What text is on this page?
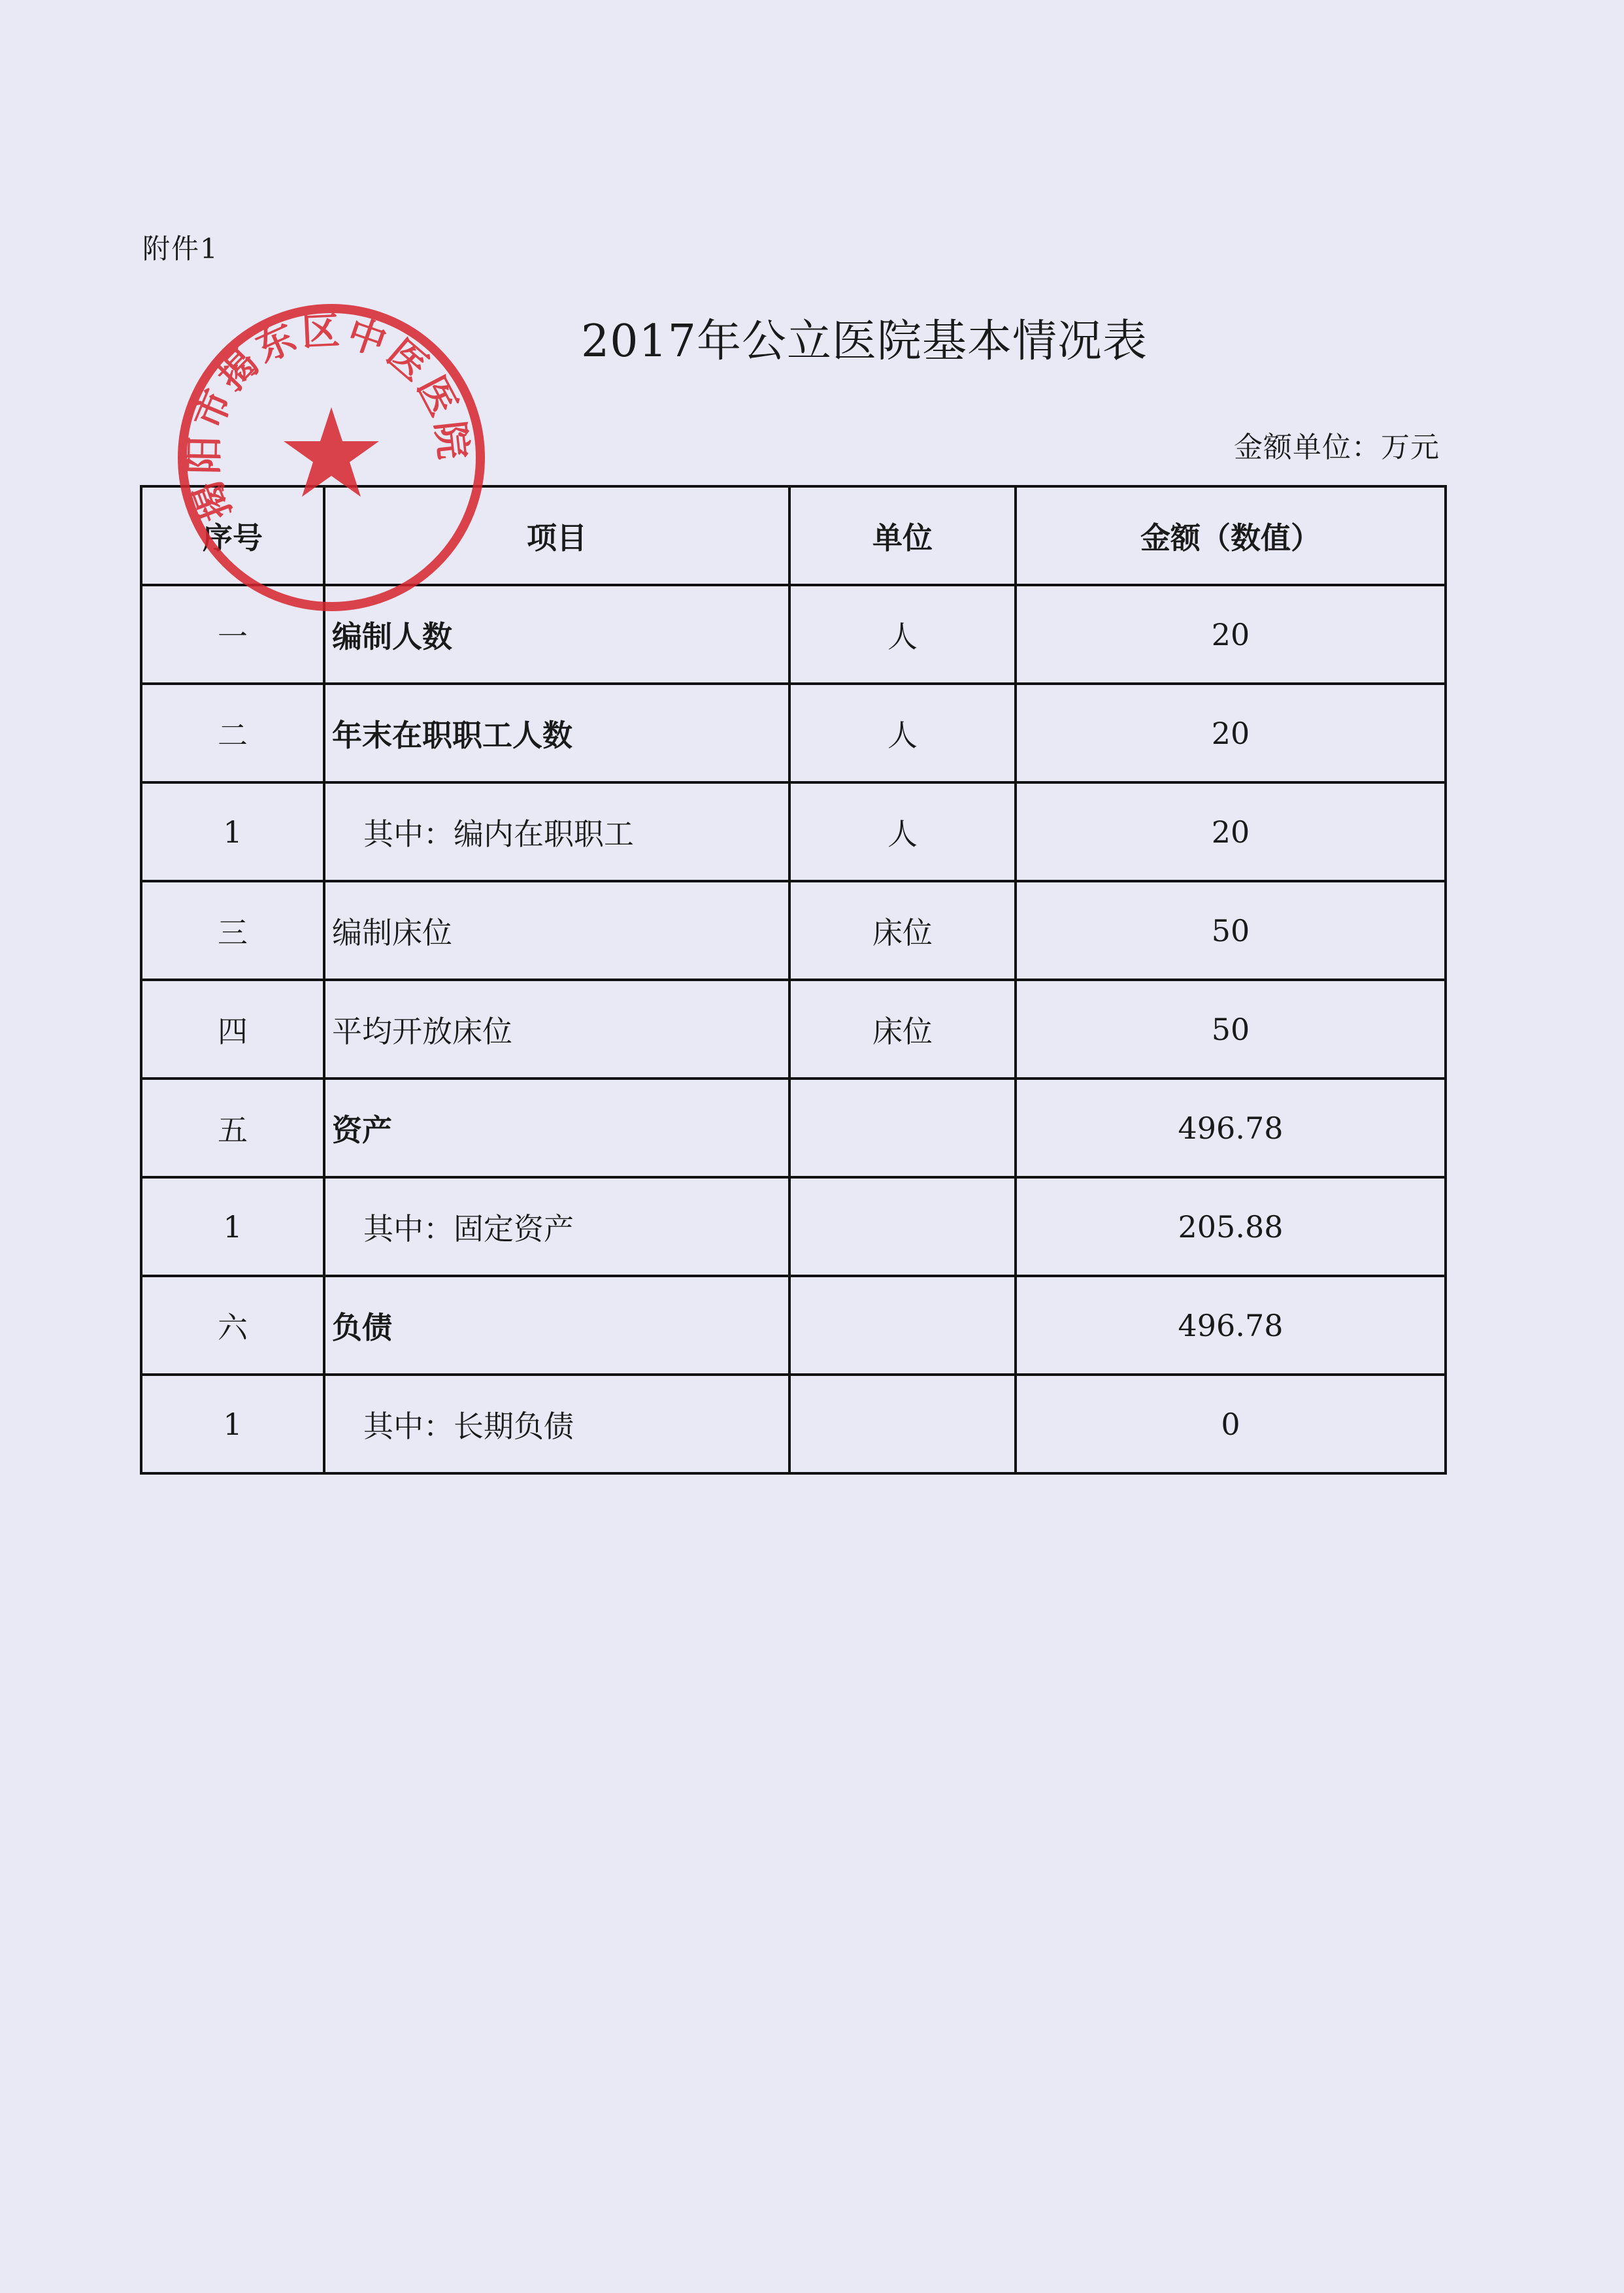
附件1
2017年公立医院基本情况表
金额单位：万元
序号	项目	单位	金额（数值）
一	编制人数	人	20
二	年末在职职工人数	人	20
1	其中：编内在职职工	人	20
三	编制床位	床位	50
四	平均开放床位	床位	50
五	资产		496.78
1	其中：固定资产		205.88
六	负债		496.78
1	其中：长期负债		0
揭阳市揭东区中医医院
